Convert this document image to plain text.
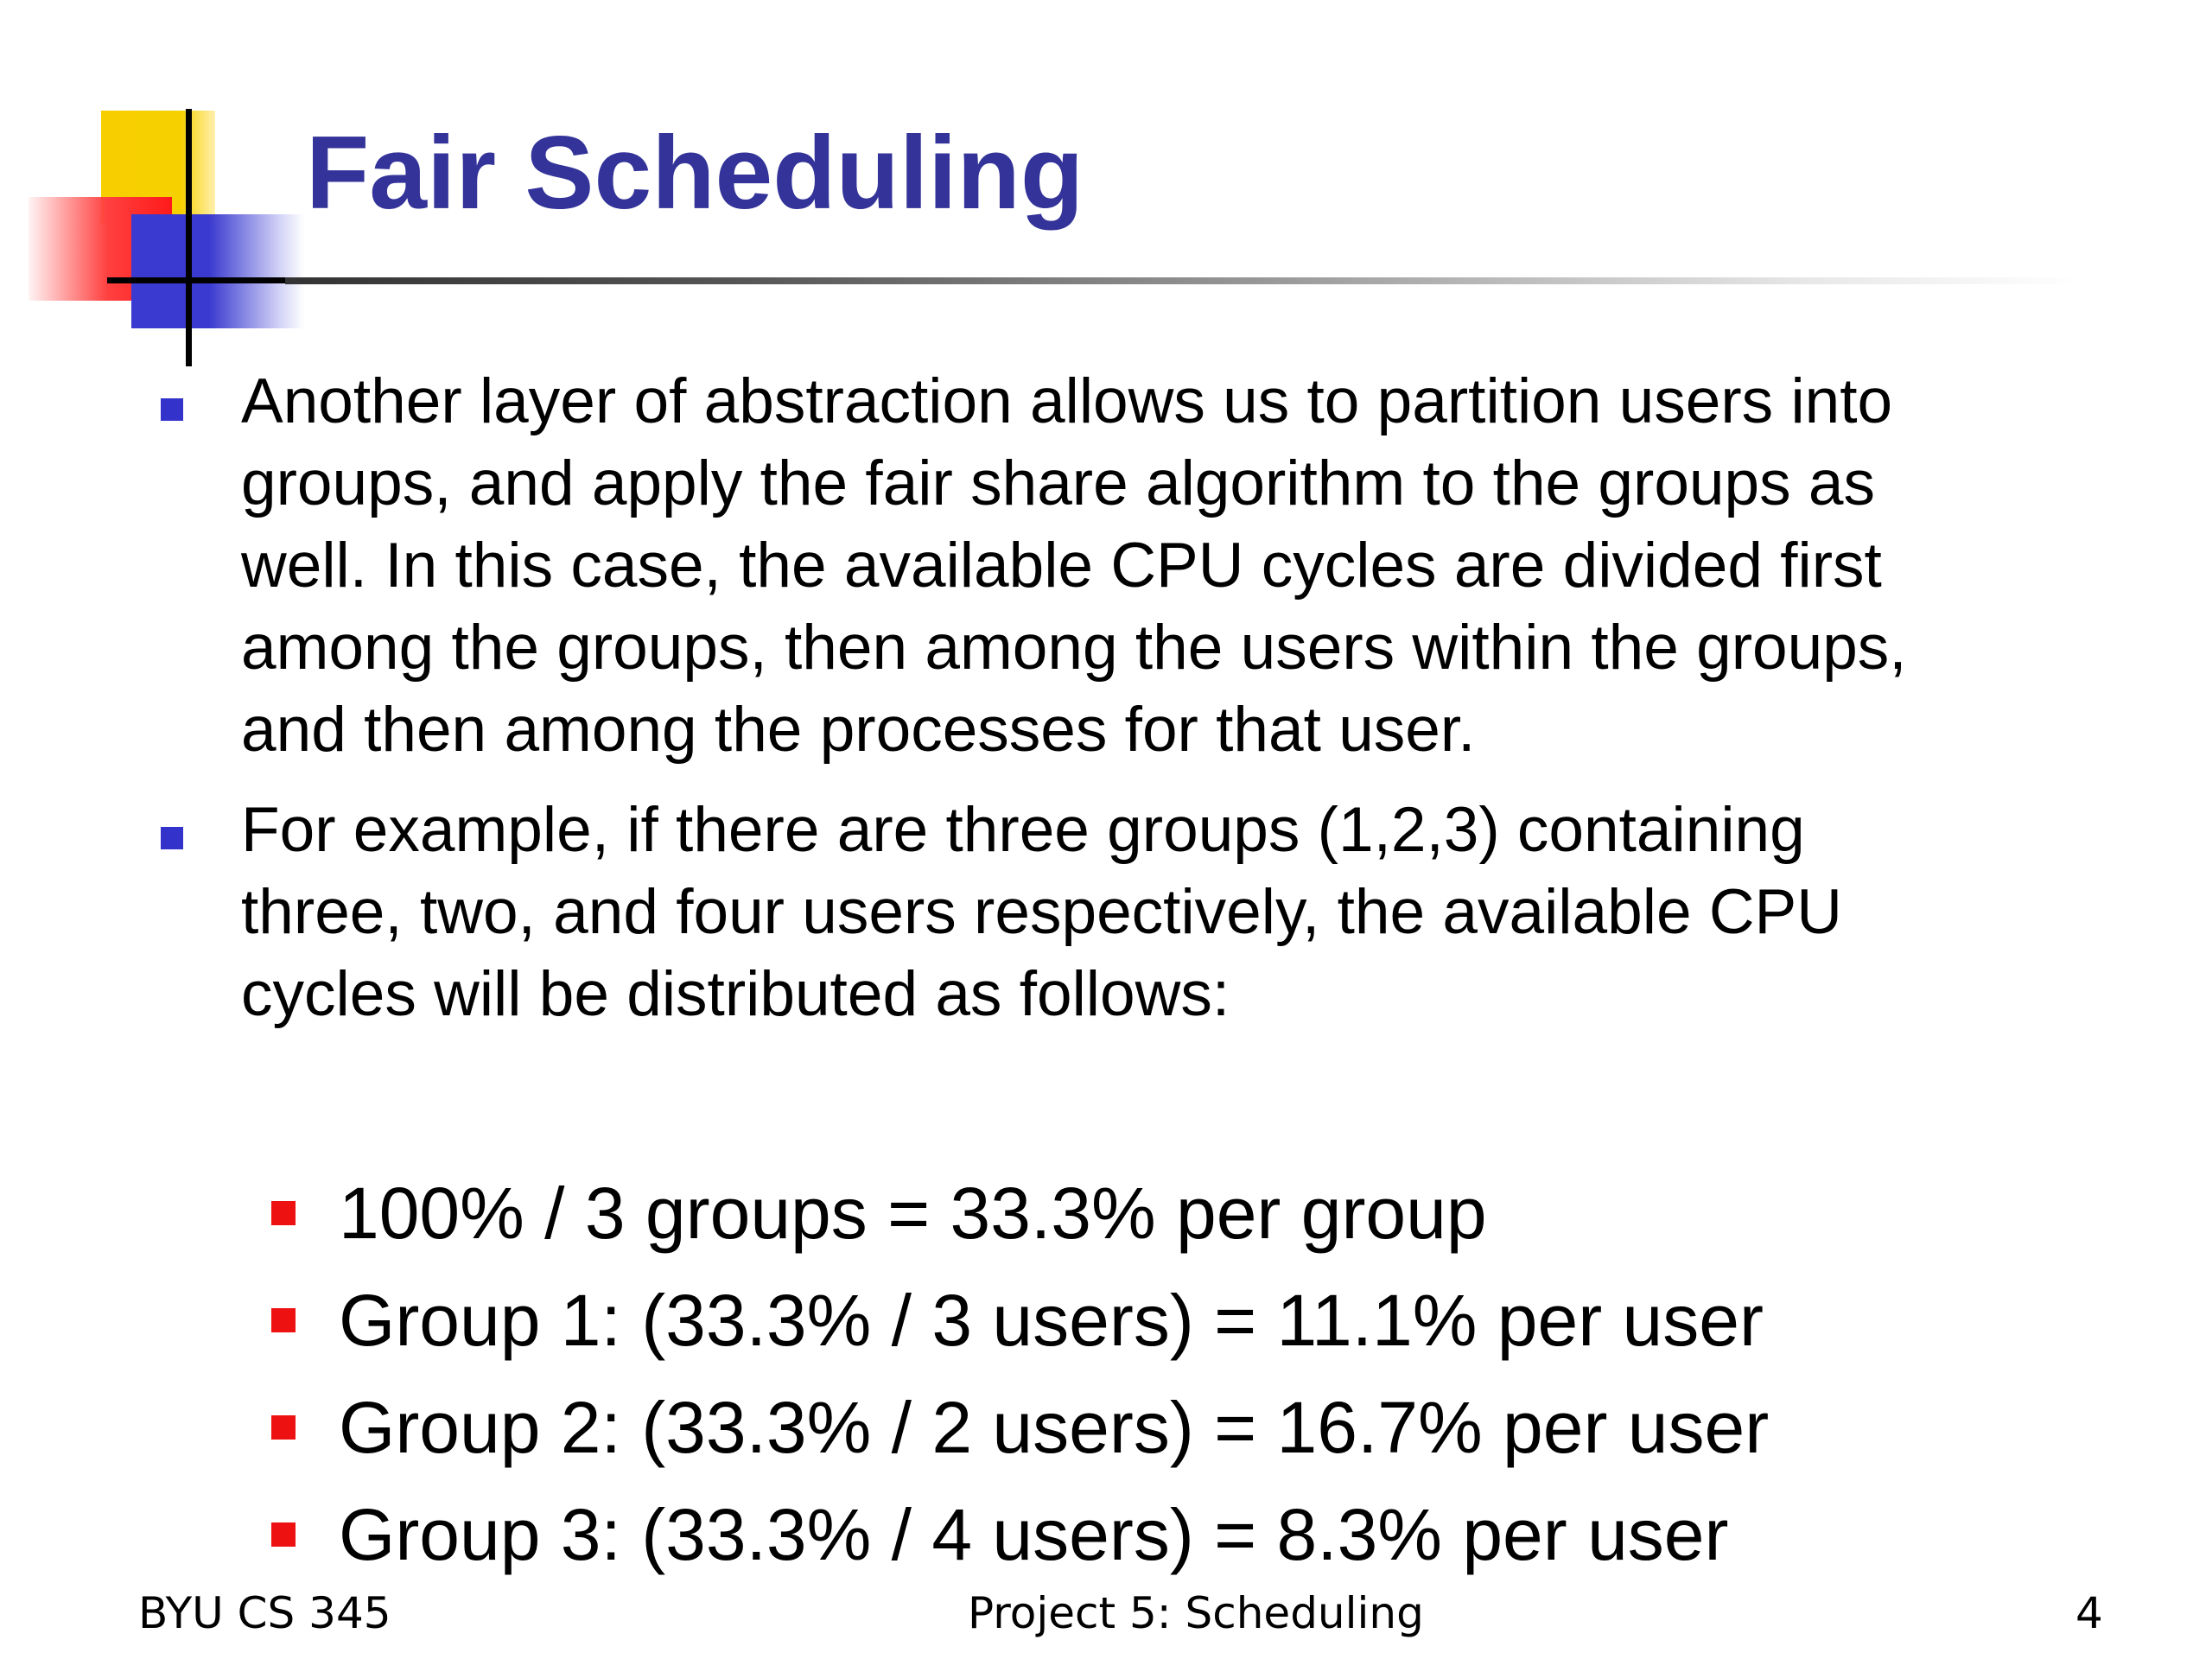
Fair Scheduling
Another layer of abstraction allows us to partition users into
groups, and apply the fair share algorithm to the groups as
well. In this case, the available CPU cycles are divided first
among the groups, then among the users within the groups,
and then among the processes for that user.
For example, if there are three groups (1,2,3) containing
three, two, and four users respectively, the available CPU
cycles will be distributed as follows:
100% / 3 groups = 33.3% per group
Group 1: (33.3% / 3 users) = 11.1% per user
Group 2: (33.3% / 2 users) = 16.7% per user
Group 3: (33.3% / 4 users) = 8.3% per user
BYU CS 345	Project 5: Scheduling	4
